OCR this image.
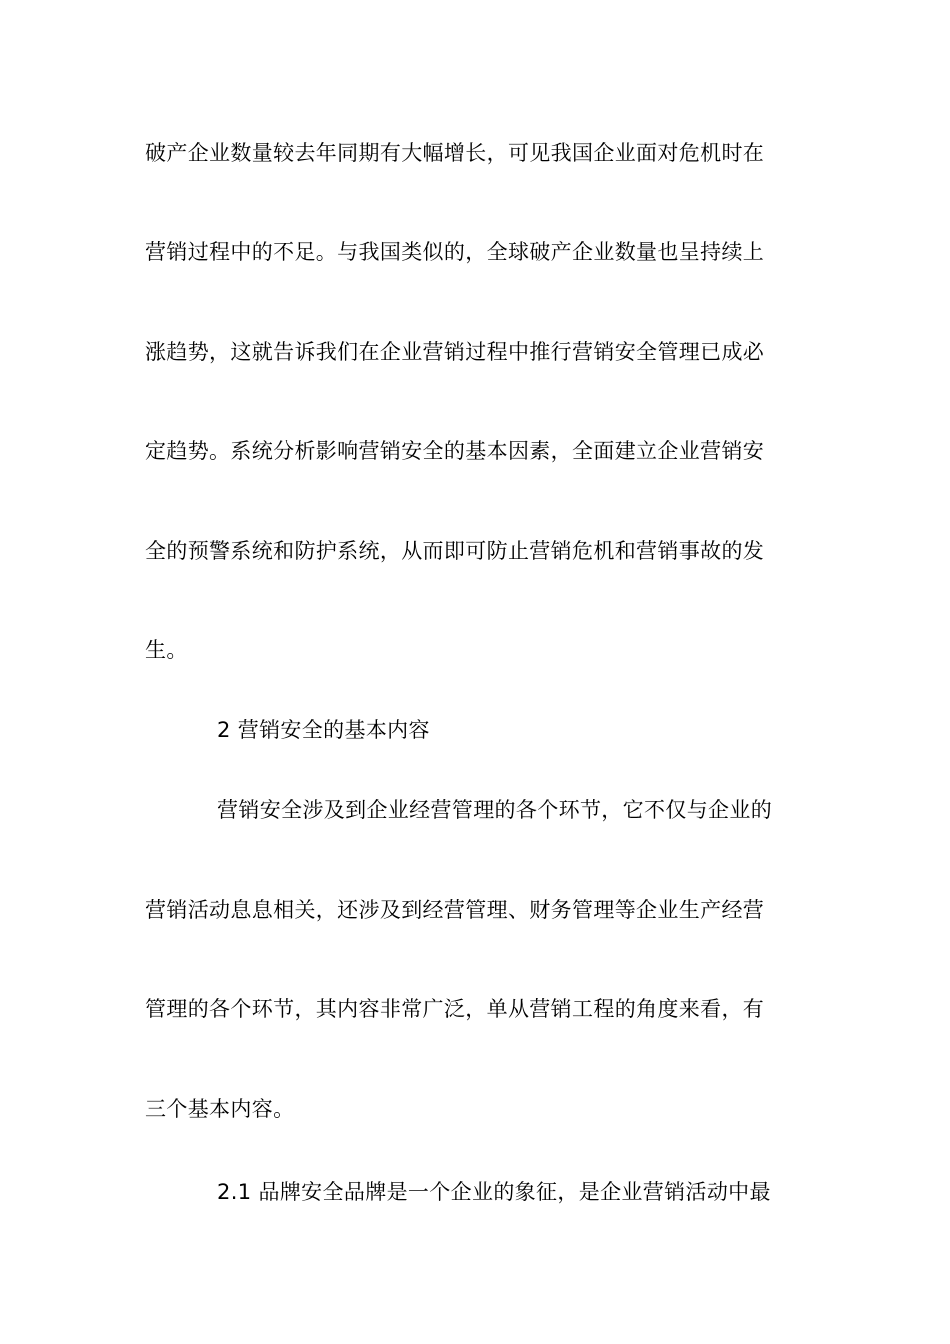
破产企业数量较去年同期有大幅增长，可见我国企业面对危机时在
营销过程中的不足。与我国类似的，全球破产企业数量也呈持续上
涨趋势，这就告诉我们在企业营销过程中推行营销安全管理已成必
定趋势。系统分析影响营销安全的基本因素，全面建立企业营销安
全的预警系统和防护系统，从而即可防止营销危机和营销事故的发
生。
2 营销安全的基本内容
营销安全涉及到企业经营管理的各个环节，它不仅与企业的
营销活动息息相关，还涉及到经营管理、财务管理等企业生产经营
管理的各个环节，其内容非常广泛，单从营销工程的角度来看，有
三个基本内容。
2.1 品牌安全品牌是一个企业的象征，是企业营销活动中最
